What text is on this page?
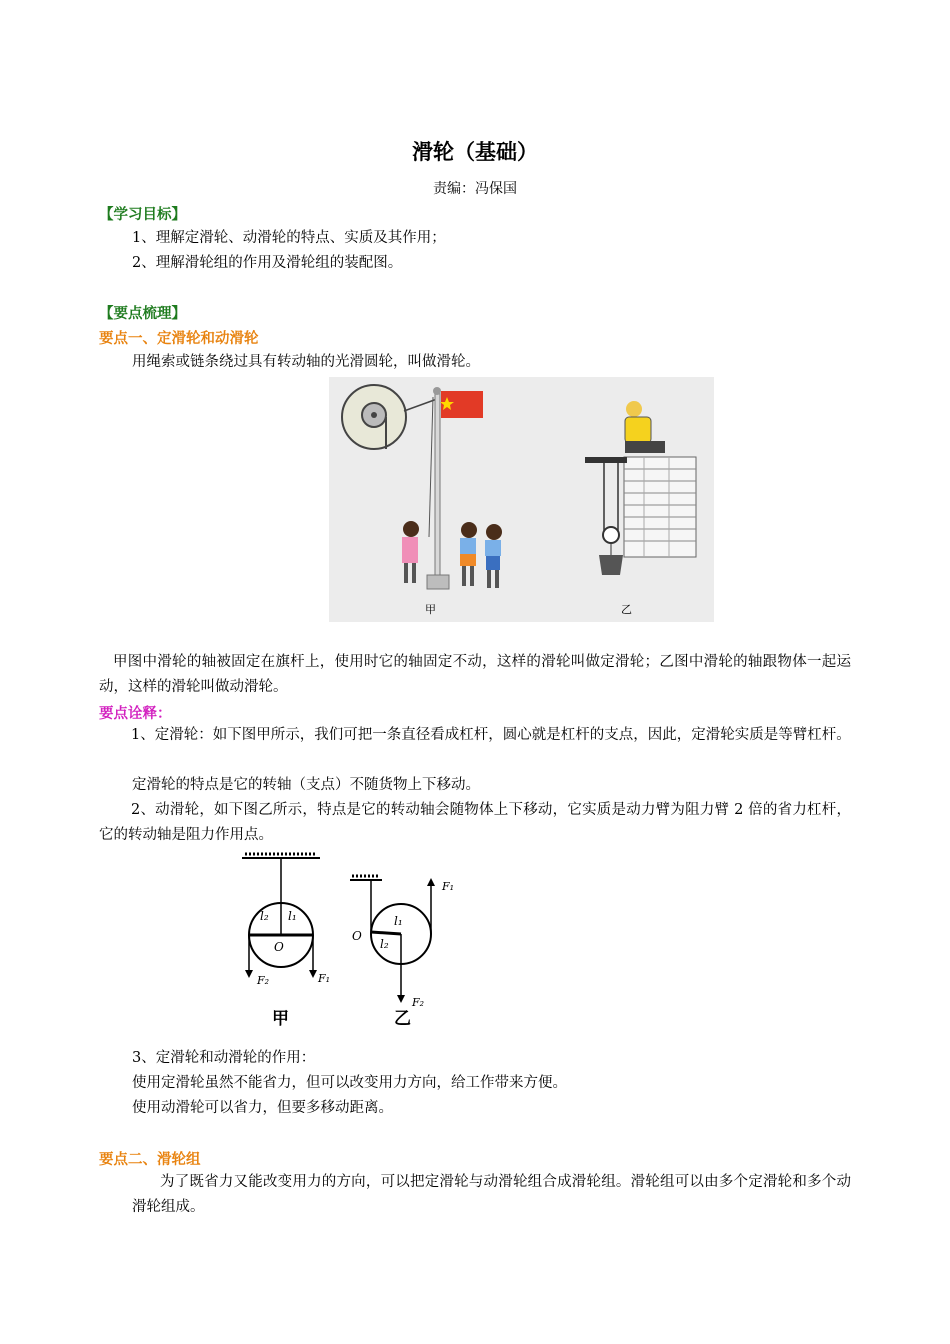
滑轮（基础）
责编：冯保国
【学习目标】
1、理解定滑轮、动滑轮的特点、实质及其作用；
2、理解滑轮组的作用及滑轮组的装配图。
【要点梳理】
要点一、定滑轮和动滑轮
用绳索或链条绕过具有转动轴的光滑圆轮，叫做滑轮。
甲	乙
甲图中滑轮的轴被固定在旗杆上，使用时它的轴固定不动，这样的滑轮叫做定滑轮；乙图中滑轮的轴跟物体一起运动，这样的滑轮叫做动滑轮。
要点诠释：
1、定滑轮：如下图甲所示，我们可把一条直径看成杠杆，圆心就是杠杆的支点，因此，定滑轮实质是等臂杠杆。
定滑轮的特点是它的转轴（支点）不随货物上下移动。
2、动滑轮，如下图乙所示，特点是它的转动轴会随物体上下移动，它实质是动力臂为阻力臂 2 倍的省力杠杆，它的转动轴是阻力作用点。
l₂ l₁
O
F₂	F₁
甲
O
l₁
l₂
F₁
F₂
乙
3、定滑轮和动滑轮的作用：
使用定滑轮虽然不能省力，但可以改变用力方向，给工作带来方便。
使用动滑轮可以省力，但要多移动距离。
要点二、滑轮组
为了既省力又能改变用力的方向，可以把定滑轮与动滑轮组合成滑轮组。滑轮组可以由多个定滑轮和多个动滑轮组成。
